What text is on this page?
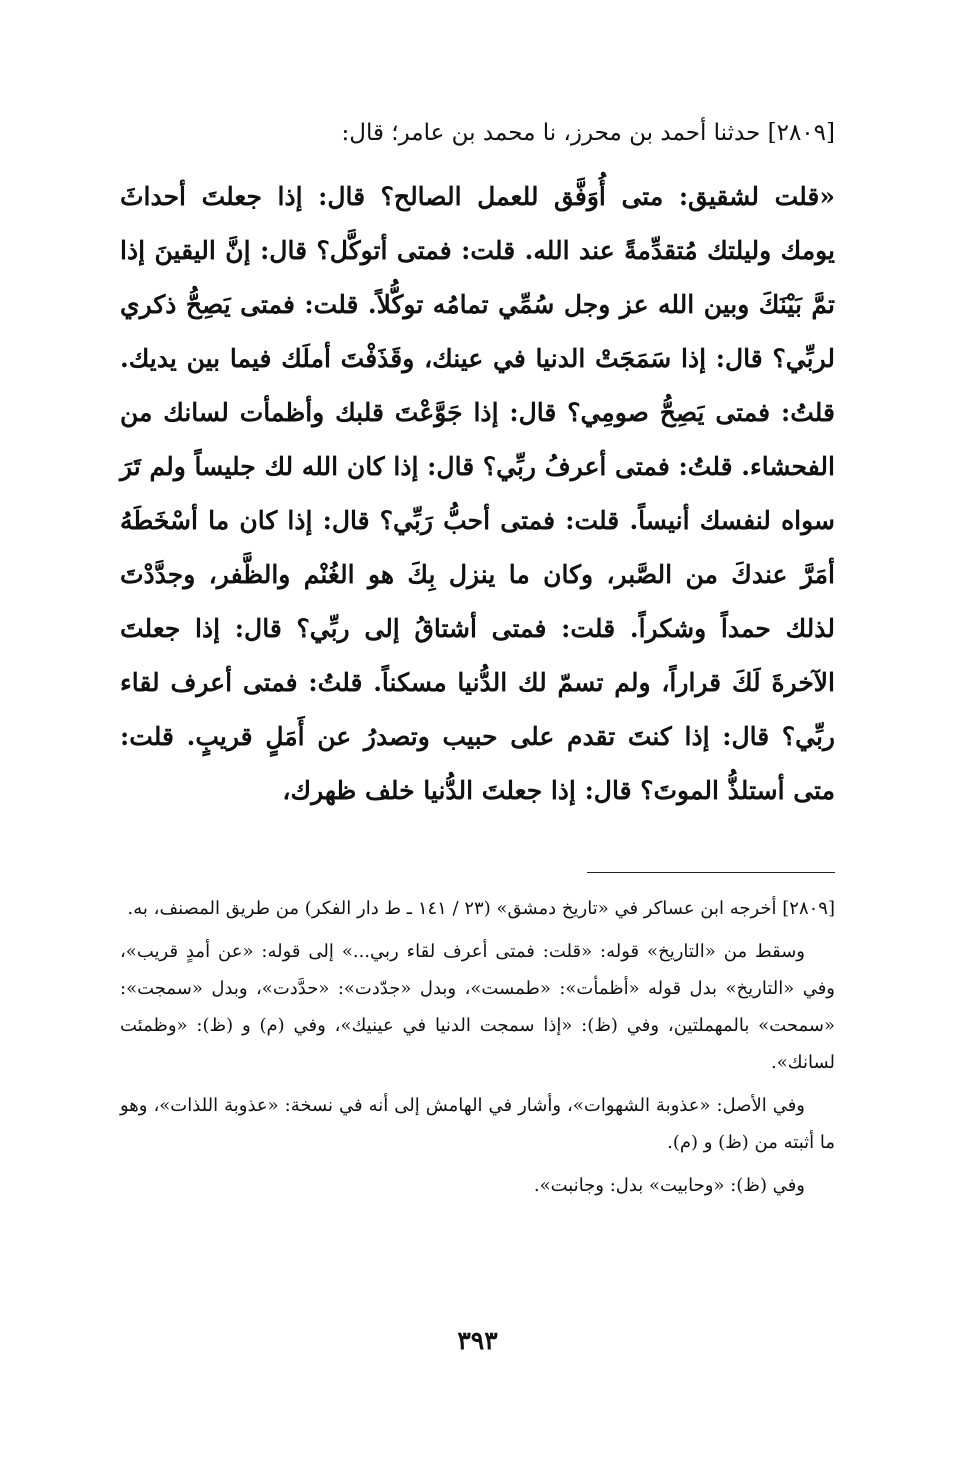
[٢٨٠٩] حدثنا أحمد بن محرز، نا محمد بن عامر؛ قال:

«قلت لشقيق: متى أُوَفَّق للعمل الصالح؟ قال: إذا جعلتَ أحداثَ يومك وليلتك مُتقدِّمةً عند الله. قلت: فمتى أتوكَّل؟ قال: إنَّ اليقينَ إذا تمَّ بَيْنَكَ وبين الله عز وجل سُمِّي تمامُه توكُّلاً. قلت: فمتى يَصِحُّ ذكري لربِّي؟ قال: إذا سَمَجَتْ الدنيا في عينك، وقَذَفْتَ أملَك فيما بين يديك. قلتُ: فمتى يَصِحُّ صومِي؟ قال: إذا جَوَّعْتَ قلبك وأظمأت لسانك من الفحشاء. قلتُ: فمتى أعرفُ ربِّي؟ قال: إذا كان الله لك جليساً ولم تَرَ سواه لنفسك أنيساً. قلت: فمتى أحبُّ رَبِّي؟ قال: إذا كان ما أسْخَطَهُ أمَرَّ عندكَ من الصَّبر، وكان ما ينزل بِكَ هو الغُنْم والظَّفر، وجدَّدْتَ لذلك حمداً وشكراً. قلت: فمتى أشتاقُ إلى ربِّي؟ قال: إذا جعلتَ الآخرةَ لَكَ قراراً، ولم تسمّ لك الدُّنيا مسكناً. قلتُ: فمتى أعرف لقاء ربِّي؟ قال: إذا كنتَ تقدم على حبيب وتصدرُ عن أَمَلٍ قريبٍ. قلت: متى أستلذُّ الموتَ؟ قال: إذا جعلتَ الدُّنيا خلف ظهرك،

[٢٨٠٩] أخرجه ابن عساكر في «تاريخ دمشق» (٢٣ / ١٤١ ـ ط دار الفكر) من طريق المصنف، به.

وسقط من «التاريخ» قوله: «قلت: فمتى أعرف لقاء ربي...» إلى قوله: «عن أمدٍ قريب»، وفي «التاريخ» بدل قوله «أظمأت»: «طمست»، وبدل «جدّدت»: «حدَّدت»، وبدل «سمجت»: «سمحت» بالمهملتين، وفي (ظ): «إذا سمجت الدنيا في عينيك»، وفي (م) و (ظ): «وظمئت لسانك».

وفي الأصل: «عذوبة الشهوات»، وأشار في الهامش إلى أنه في نسخة: «عذوبة اللذات»، وهو ما أثبته من (ظ) و (م).

وفي (ظ): «وحابيت» بدل: وجانبت».

٣٩٣
